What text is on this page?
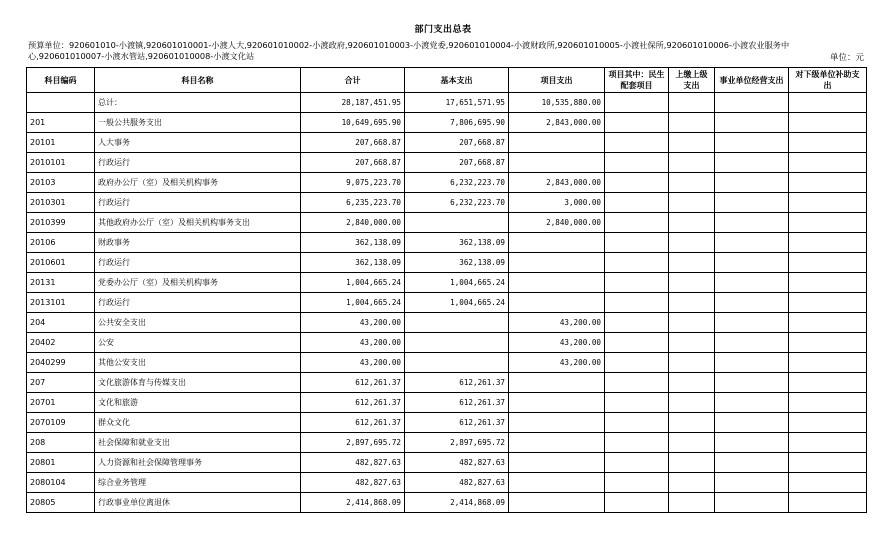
部门支出总表
预算单位：920601010-小渡镇,920601010001-小渡人大,920601010002-小渡政府,920601010003-小渡党委,920601010004-小渡财政所,920601010005-小渡社保所,920601010006-小渡农业服务中心,920601010007-小渡水管站,920601010008-小渡文化站	单位：元
科目编码	科目名称	合计	基本支出	项目支出	项目其中：民生配套项目	上缴上级支出	事业单位经营支出	对下级单位补助支出
	总计：	28,187,451.95	17,651,571.95	10,535,880.00				
201	一般公共服务支出	10,649,695.90	7,806,695.90	2,843,000.00				
20101	人大事务	207,668.87	207,668.87					
2010101	行政运行	207,668.87	207,668.87					
20103	政府办公厅（室）及相关机构事务	9,075,223.70	6,232,223.70	2,843,000.00				
2010301	行政运行	6,235,223.70	6,232,223.70	3,000.00				
2010399	其他政府办公厅（室）及相关机构事务支出	2,840,000.00		2,840,000.00				
20106	财政事务	362,138.09	362,138.09					
2010601	行政运行	362,138.09	362,138.09					
20131	党委办公厅（室）及相关机构事务	1,004,665.24	1,004,665.24					
2013101	行政运行	1,004,665.24	1,004,665.24					
204	公共安全支出	43,200.00		43,200.00				
20402	公安	43,200.00		43,200.00				
2040299	其他公安支出	43,200.00		43,200.00				
207	文化旅游体育与传媒支出	612,261.37	612,261.37					
20701	文化和旅游	612,261.37	612,261.37					
2070109	群众文化	612,261.37	612,261.37					
208	社会保障和就业支出	2,897,695.72	2,897,695.72					
20801	人力资源和社会保障管理事务	482,827.63	482,827.63					
2080104	综合业务管理	482,827.63	482,827.63					
20805	行政事业单位离退休	2,414,868.09	2,414,868.09					
